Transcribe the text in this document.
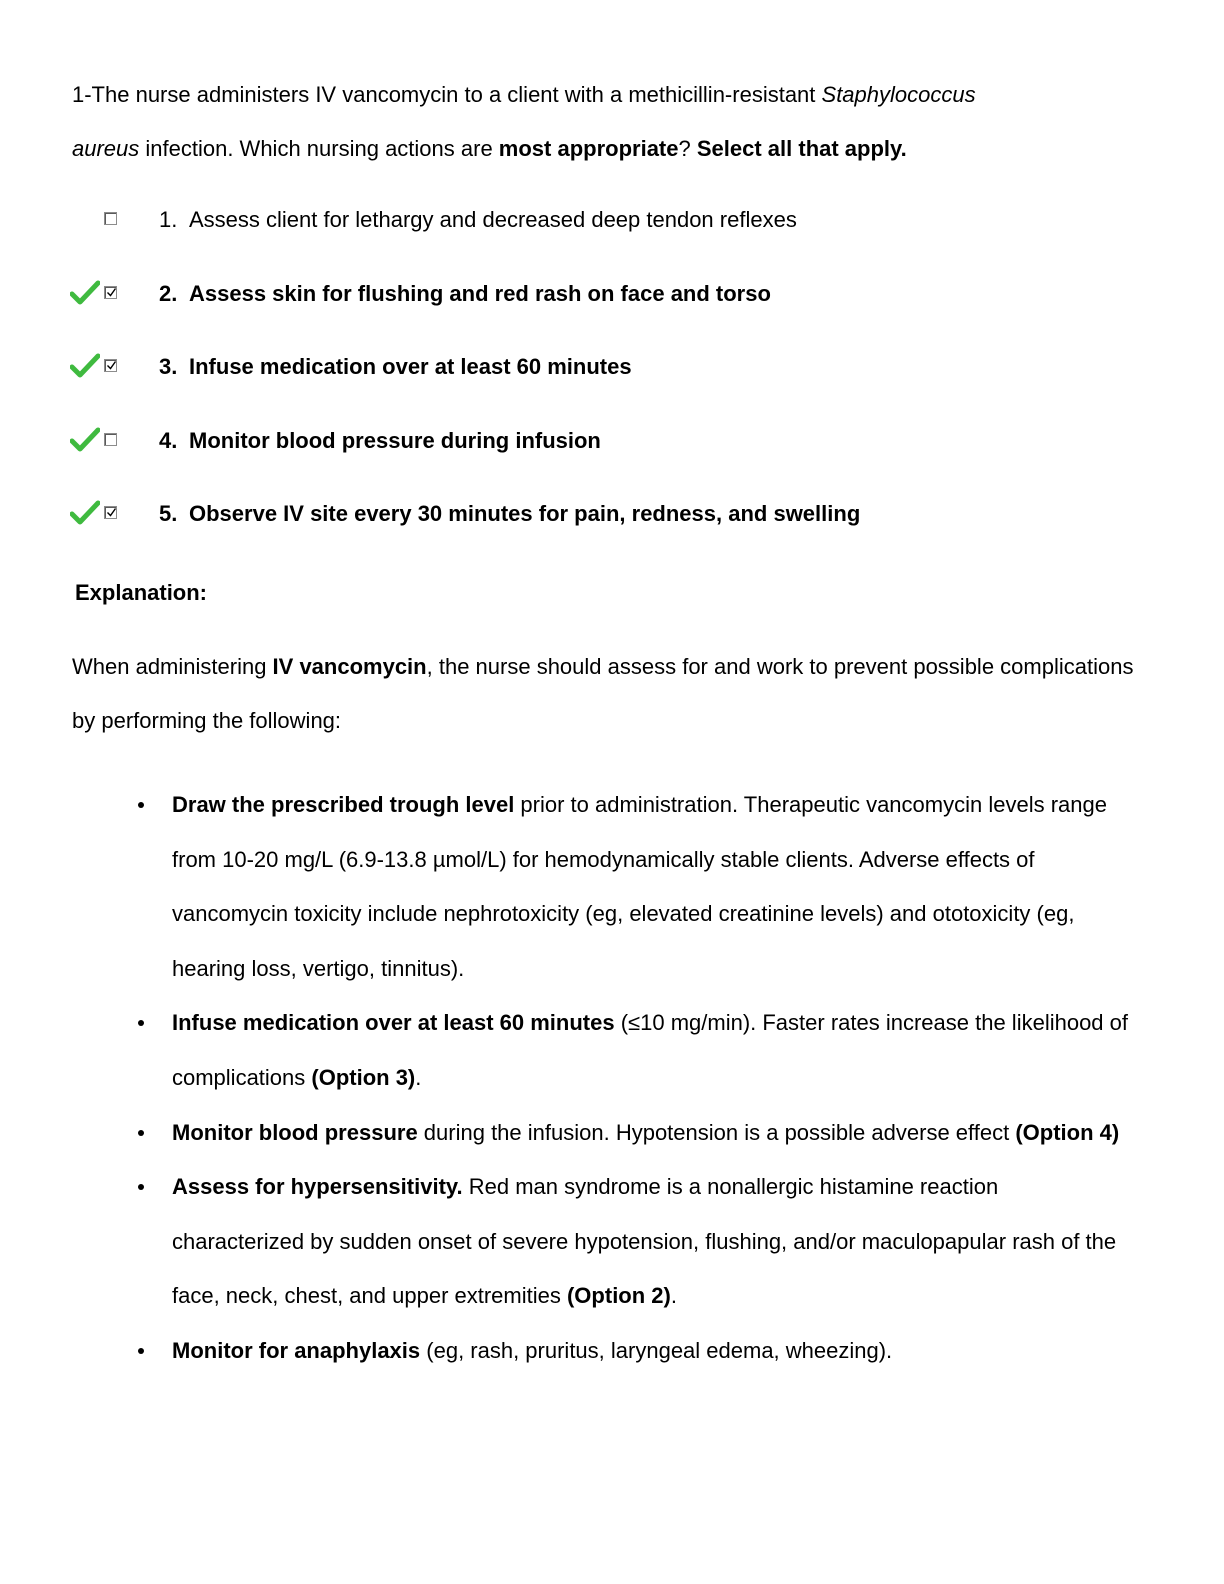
1-The nurse administers IV vancomycin to a client with a methicillin-resistant Staphylococcus
aureus infection. Which nursing actions are most appropriate? Select all that apply.

1. Assess client for lethargy and decreased deep tendon reflexes
2. Assess skin for flushing and red rash on face and torso
3. Infuse medication over at least 60 minutes
4. Monitor blood pressure during infusion
5. Observe IV site every 30 minutes for pain, redness, and swelling
Explanation:

When administering IV vancomycin, the nurse should assess for and work to prevent possible complications by performing the following:

Draw the prescribed trough level prior to administration. Therapeutic vancomycin levels range from 10-20 mg/L (6.9-13.8 µmol/L) for hemodynamically stable clients. Adverse effects of vancomycin toxicity include nephrotoxicity (eg, elevated creatinine levels) and ototoxicity (eg, hearing loss, vertigo, tinnitus).
Infuse medication over at least 60 minutes (≤10 mg/min). Faster rates increase the likelihood of complications (Option 3).
Monitor blood pressure during the infusion. Hypotension is a possible adverse effect (Option 4)
Assess for hypersensitivity. Red man syndrome is a nonallergic histamine reaction characterized by sudden onset of severe hypotension, flushing, and/or maculopapular rash of the face, neck, chest, and upper extremities (Option 2).
Monitor for anaphylaxis (eg, rash, pruritus, laryngeal edema, wheezing).
